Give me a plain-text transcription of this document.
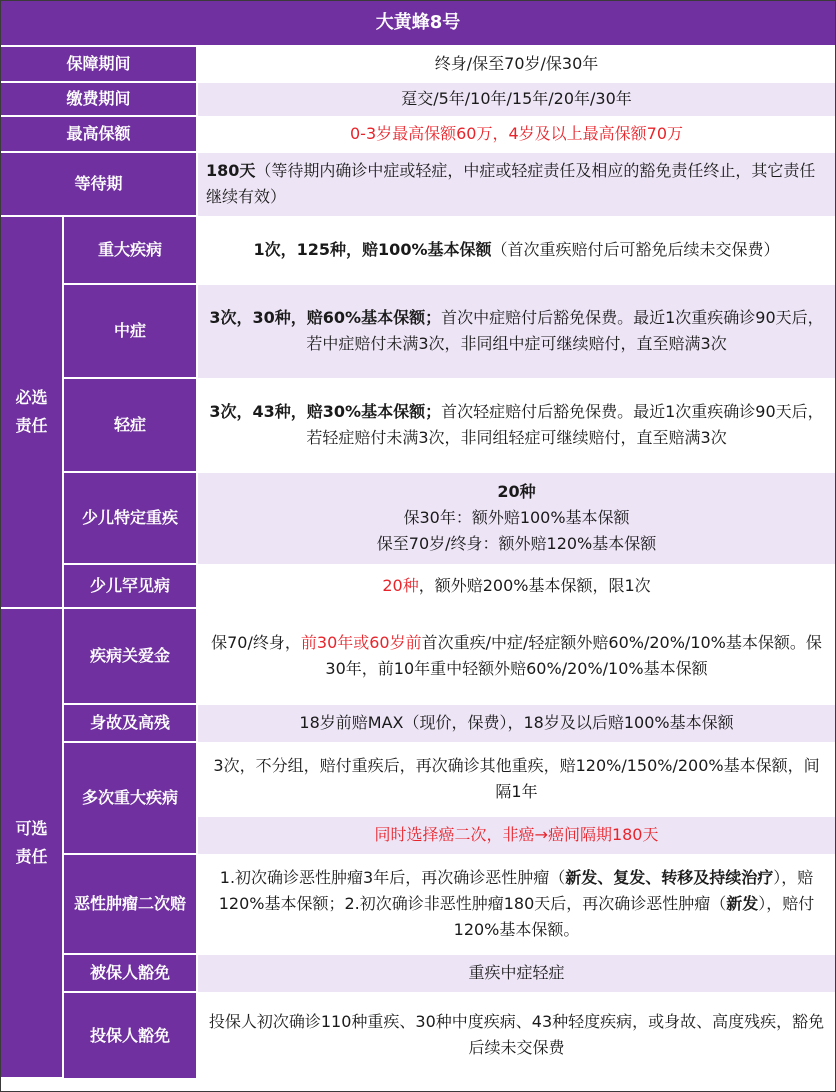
大黄蜂8号		
保障期间		终身/保至70岁/保30年
缴费期间		趸交/5年/10年/15年/20年/30年
最高保额		0-3岁最高保额60万，4岁及以上最高保额70万
等待期		180天（等待期内确诊中症或轻症，中症或轻症责任及相应的豁免责任终止，其它责任继续有效）

必选
责任	重大疾病	1次，125种，赔100%基本保额（首次重疾赔付后可豁免后续未交保费）
	中症	3次，30种，赔60%基本保额；首次中症赔付后豁免保费。最近1次重疾确诊90天后，若中症赔付未满3次，非同组中症可继续赔付，直至赔满3次
	轻症	3次，43种，赔30%基本保额；首次轻症赔付后豁免保费。最近1次重疾确诊90天后，若轻症赔付未满3次，非同组轻症可继续赔付，直至赔满3次
	少儿特定重疾	20种
保30年：额外赔100%基本保额
保至70岁/终身：额外赔120%基本保额

	少儿罕见病	20种，额外赔200%基本保额，限1次

可选
责任	疾病关爱金	保70/终身，前30年或60岁前首次重疾/中症/轻症额外赔60%/20%/10%基本保额。保30年，前10年重中轻额外赔60%/20%/10%基本保额
	身故及高残	18岁前赔MAX（现价，保费），18岁及以后赔100%基本保额
	多次重大疾病	3次，不分组，赔付重疾后，再次确诊其他重疾，赔120%/150%/200%基本保额，间隔1年
		同时选择癌二次，非癌→癌间隔期180天
	恶性肿瘤二次赔	1.初次确诊恶性肿瘤3年后，再次确诊恶性肿瘤（新发、复发、转移及持续治疗），赔120%基本保额；2.初次确诊非恶性肿瘤180天后，再次确诊恶性肿瘤（新发），赔付120%基本保额。
	被保人豁免	重疾中症轻症
	投保人豁免	投保人初次确诊110种重疾、30种中度疾病、43种轻度疾病，或身故、高度残疾，豁免后续未交保费
